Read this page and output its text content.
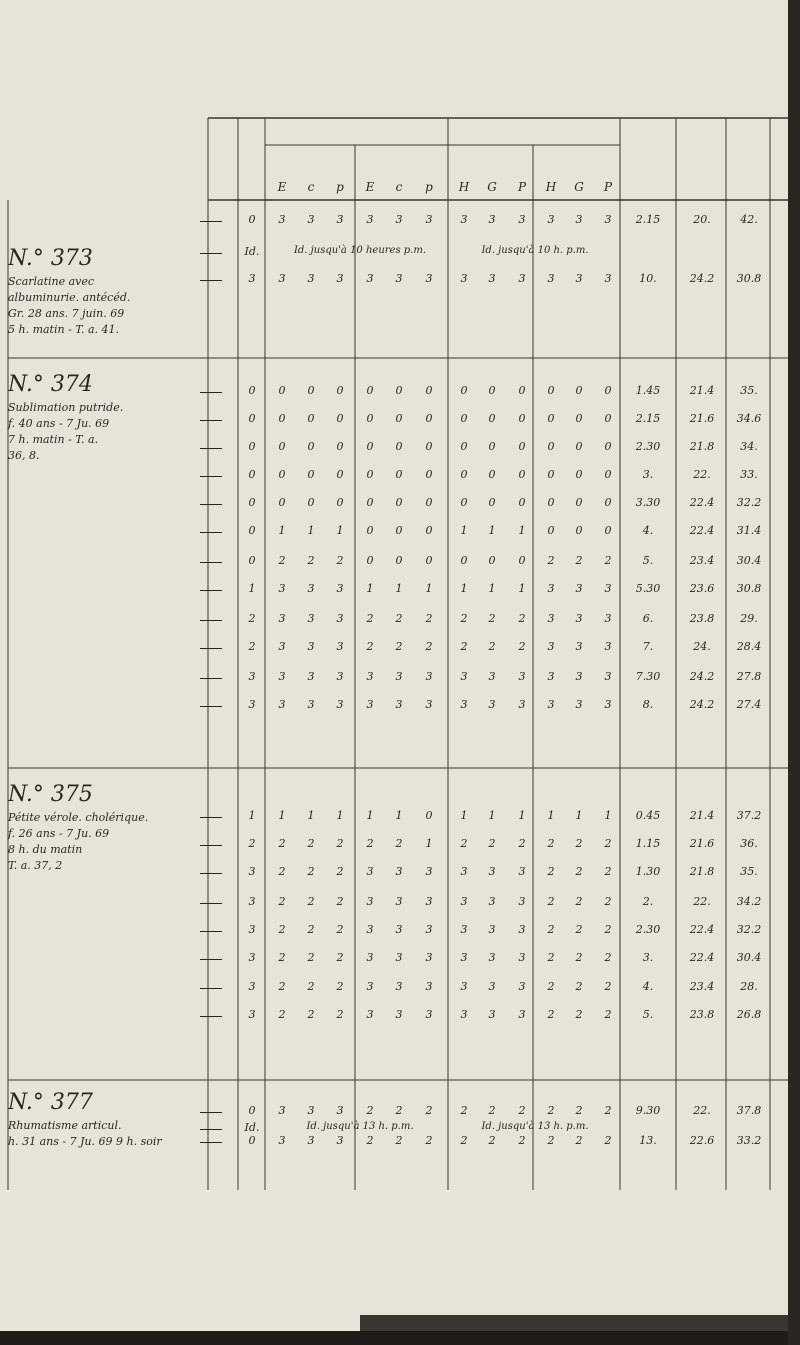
E	c	p	E	c	p	H	G	P	H	G	P
N.° 373
Scarlatine avec
albuminurie. antécéd.
Gr. 28 ans. 7 juin. 69
5 h. matin - T. a. 41.
0	3	3	3	3	3	3	3	3	3	3	3	3	2.15	20.	42.
Id.	Id. jusqu'à 10 heures p.m.	Id. jusqu'à 10 h. p.m.
3	3	3	3	3	3	3	3	3	3	3	3	3	10.	24.2	30.8
N.° 374
Sublimation putride.
f. 40 ans - 7 Ju. 69
7 h. matin - T. a.
36, 8.
0	0	0	0	0	0	0	0	0	0	0	0	0	1.45	21.4	35.
0	0	0	0	0	0	0	0	0	0	0	0	0	2.15	21.6	34.6
0	0	0	0	0	0	0	0	0	0	0	0	0	2.30	21.8	34.
0	0	0	0	0	0	0	0	0	0	0	0	0	3.	22.	33.
0	0	0	0	0	0	0	0	0	0	0	0	0	3.30	22.4	32.2
0	1	1	1	0	0	0	1	1	1	0	0	0	4.	22.4	31.4
0	2	2	2	0	0	0	0	0	0	2	2	2	5.	23.4	30.4
1	3	3	3	1	1	1	1	1	1	3	3	3	5.30	23.6	30.8
2	3	3	3	2	2	2	2	2	2	3	3	3	6.	23.8	29.
2	3	3	3	2	2	2	2	2	2	3	3	3	7.	24.	28.4
3	3	3	3	3	3	3	3	3	3	3	3	3	7.30	24.2	27.8
3	3	3	3	3	3	3	3	3	3	3	3	3	8.	24.2	27.4
N.° 375
Pétite vérole. cholérique.
f. 26 ans - 7 Ju. 69
8 h. du matin
T. a. 37, 2
1	1	1	1	1	1	0	1	1	1	1	1	1	0.45	21.4	37.2
2	2	2	2	2	2	1	2	2	2	2	2	2	1.15	21.6	36.
3	2	2	2	3	3	3	3	3	3	2	2	2	1.30	21.8	35.
3	2	2	2	3	3	3	3	3	3	2	2	2	2.	22.	34.2
3	2	2	2	3	3	3	3	3	3	2	2	2	2.30	22.4	32.2
3	2	2	2	3	3	3	3	3	3	2	2	2	3.	22.4	30.4
3	2	2	2	3	3	3	3	3	3	2	2	2	4.	23.4	28.
3	2	2	2	3	3	3	3	3	3	2	2	2	5.	23.8	26.8
N.° 377
Rhumatisme articul.
h. 31 ans - 7 Ju. 69 9 h. soir
0	3	3	3	2	2	2	2	2	2	2	2	2	9.30	22.	37.8
Id.	Id. jusqu'à 13 h. p.m.	Id. jusqu'à 13 h. p.m.
0	3	3	3	2	2	2	2	2	2	2	2	2	13.	22.6	33.2
